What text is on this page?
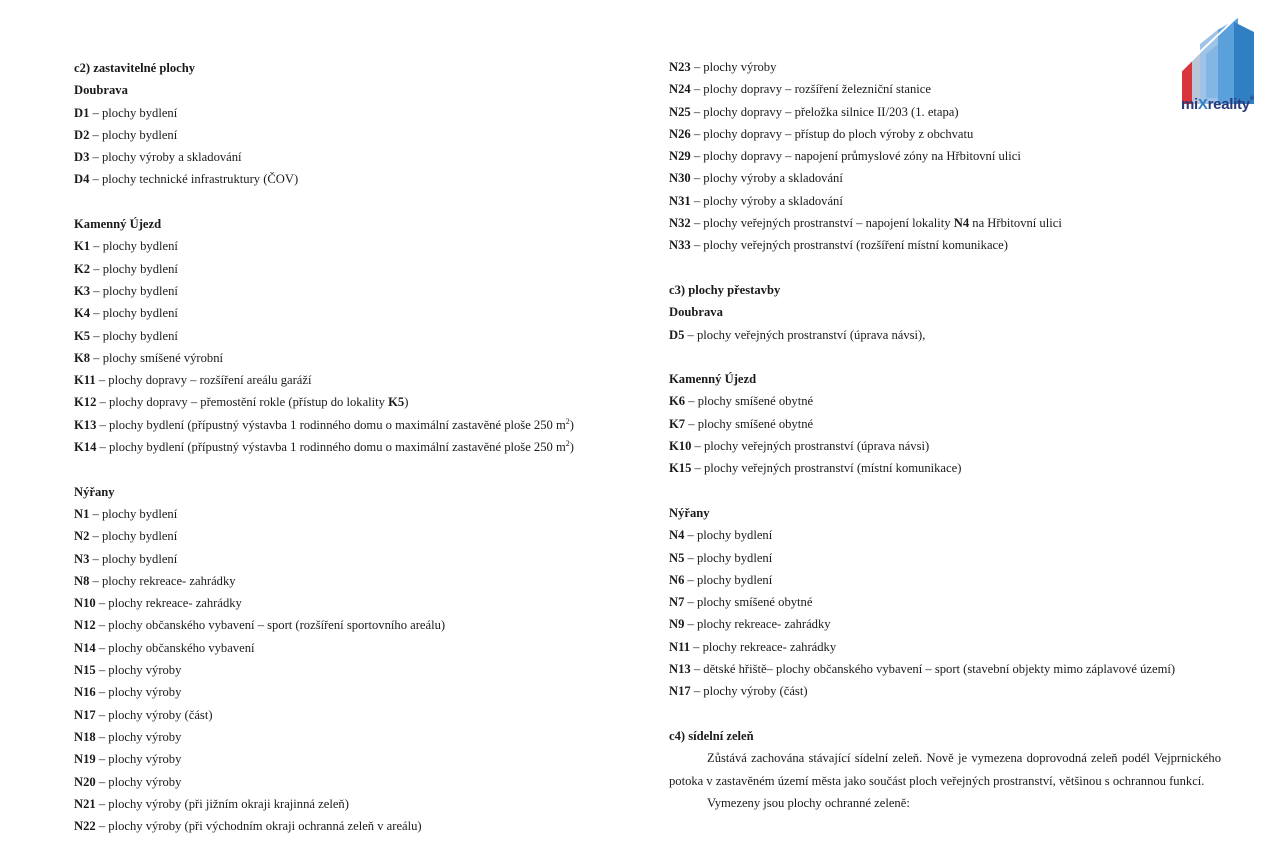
c2) zastavitelné plochy
Doubrava
D1 – plochy bydlení
D2 – plochy bydlení
D3 – plochy výroby a skladování
D4 – plochy technické infrastruktury (ČOV)
Kamenný Újezd
K1 – plochy bydlení
K2 – plochy bydlení
K3 – plochy bydlení
K4 – plochy bydlení
K5 – plochy bydlení
K8 – plochy smíšené výrobní
K11 – plochy dopravy – rozšíření areálu garáží
K12 – plochy dopravy – přemostění rokle (přístup do lokality K5)
K13 – plochy bydlení (přípustný výstavba 1 rodinného domu o maximální zastavěné ploše 250 $m^2$)
K14 – plochy bydlení (přípustný výstavba 1 rodinného domu o maximální zastavěné ploše 250 $m^2$)
Nýřany
N1 – plochy bydlení
N2 – plochy bydlení
N3 – plochy bydlení
N8 – plochy rekreace- zahrádky
N10 – plochy rekreace- zahrádky
N12 – plochy občanského vybavení – sport (rozšíření sportovního areálu)
N14 – plochy občanského vybavení
N15 – plochy výroby
N16 – plochy výroby
N17 – plochy výroby (část)
N18 – plochy výroby
N19 – plochy výroby
N20 – plochy výroby
N21 – plochy výroby (při jižním okraji krajinná zeleň)
N22 – plochy výroby (při východním okraji ochranná zeleň v areálu)
N23 – plochy výroby
N24 – plochy dopravy – rozšíření železniční stanice
N25 – plochy dopravy – přeložka silnice II/203 (1. etapa)
N26 – plochy dopravy – přístup do ploch výroby z obchvatu
N29 – plochy dopravy – napojení průmyslové zóny na Hřbitovní ulici
N30 – plochy výroby a skladování
N31 – plochy výroby a skladování
N32 – plochy veřejných prostranství – napojení lokality N4 na Hřbitovní ulici
N33 – plochy veřejných prostranství (rozšíření místní komunikace)
c3) plochy přestavby
Doubrava
D5 – plochy veřejných prostranství (úprava návsi),
Kamenný Újezd
K6 – plochy smíšené obytné
K7 – plochy smíšené obytné
K10 – plochy veřejných prostranství (úprava návsi)
K15 – plochy veřejných prostranství (místní komunikace)
Nýřany
N4 – plochy bydlení
N5 – plochy bydlení
N6 – plochy bydlení
N7 – plochy smíšené obytné
N9 – plochy rekreace- zahrádky
N11 – plochy rekreace- zahrádky
N13 – dětské hřiště– plochy občanského vybavení – sport (stavební objekty mimo záplavové území)
N17 – plochy výroby (část)
c4) sídelní zeleň
Zůstává zachována stávající sídelní zeleň. Nově je vymezena doprovodná zeleň podél Vejprnického potoka v zastavěném území města jako součást ploch veřejných prostranství, většinou s ochrannou funkcí.
Vymezeny jsou plochy ochranné zeleně:
miXreality®
